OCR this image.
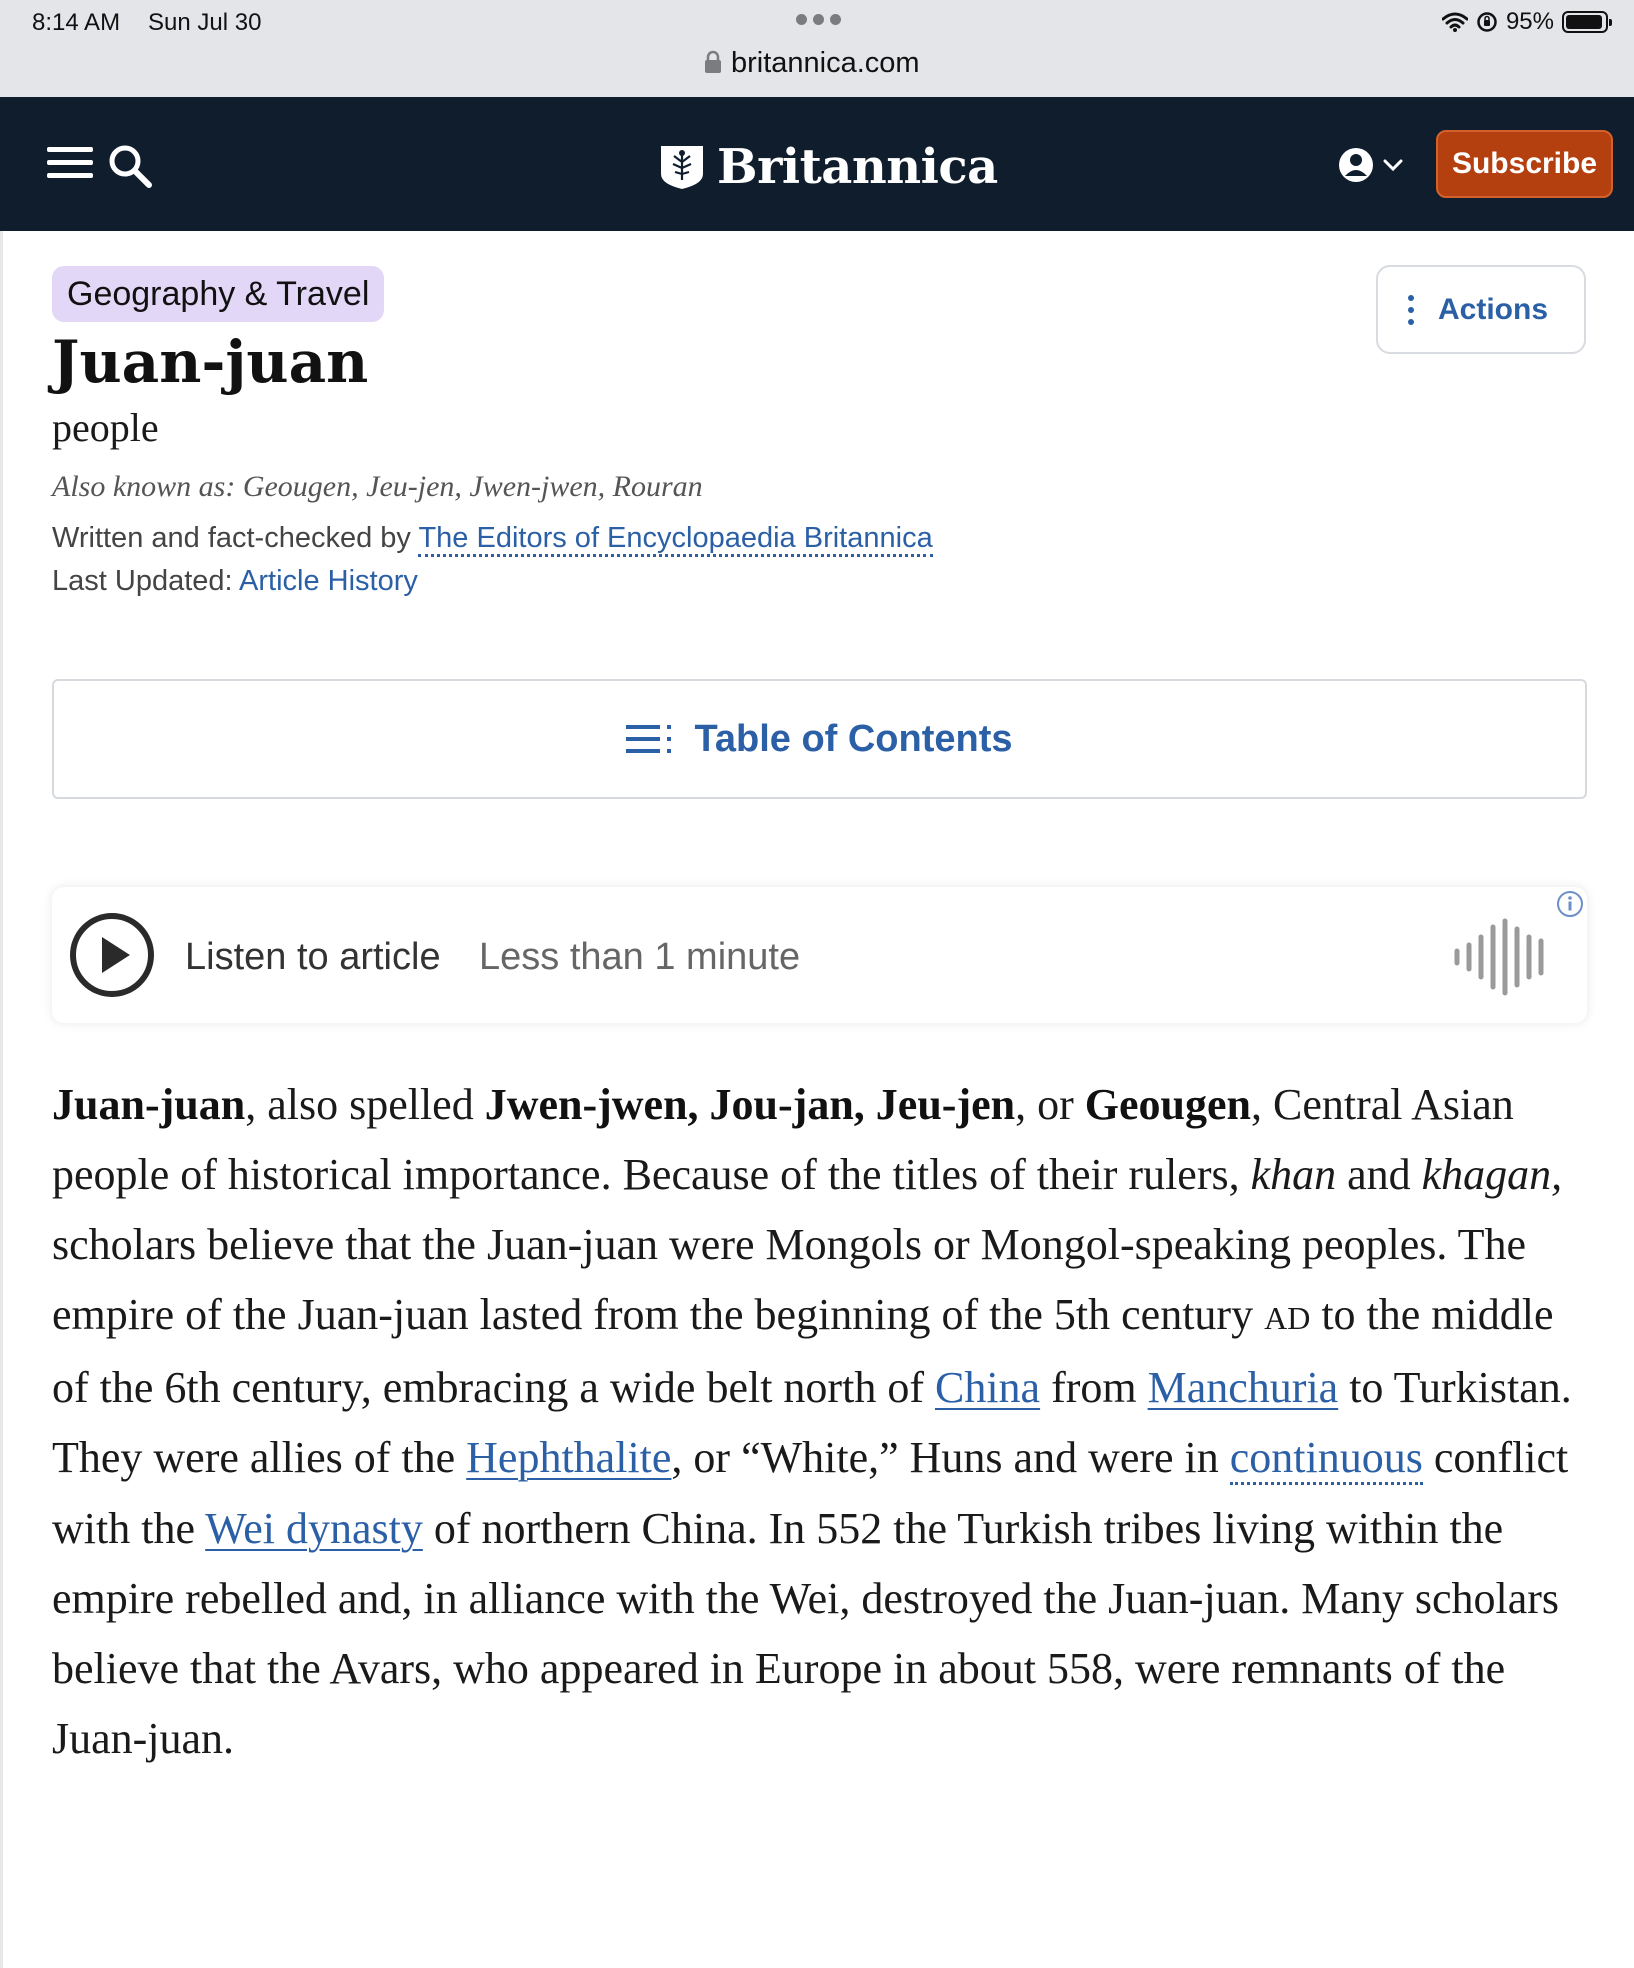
8:14 AM Sun Jul 30
britannica.com
95%
Britannica	Subscribe
Geography & Travel	Actions
Juan-juan
people
Also known as: Geougen, Jeu-jen, Jwen-jwen, Rouran
Written and fact-checked by The Editors of Encyclopaedia Britannica
Last Updated: Article History
Table of Contents
Listen to article Less than 1 minute

Juan-juan, also spelled Jwen-jwen, Jou-jan, Jeu-jen, or Geougen, Central Asian people of historical importance. Because of the titles of their rulers, khan and khagan, scholars believe that the Juan-juan were Mongols or Mongol-speaking peoples. The empire of the Juan-juan lasted from the beginning of the 5th century AD to the middle of the 6th century, embracing a wide belt north of China from Manchuria to Turkistan. They were allies of the Hephthalite, or “White,” Huns and were in continuous conflict with the Wei dynasty of northern China. In 552 the Turkish tribes living within the empire rebelled and, in alliance with the Wei, destroyed the Juan-juan. Many scholars believe that the Avars, who appeared in Europe in about 558, were remnants of the Juan-juan.
